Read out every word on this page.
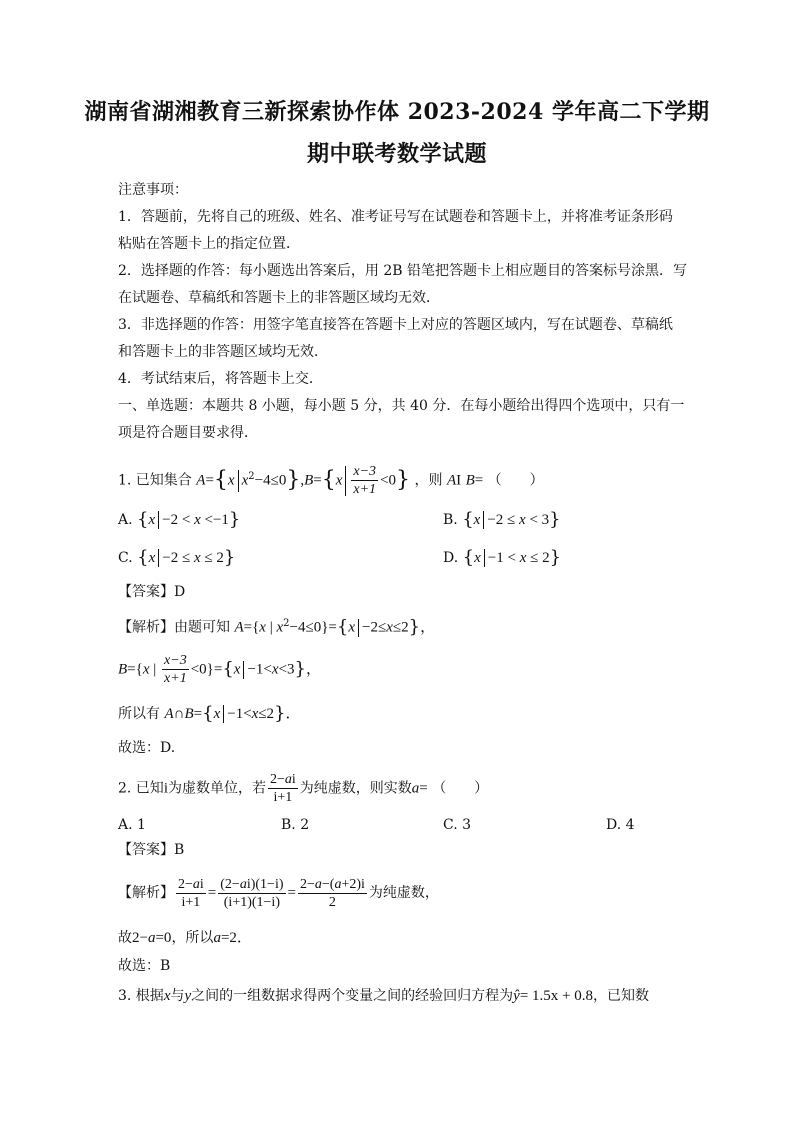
湖南省湖湘教育三新探索协作体 2023-2024 学年高二下学期
期中联考数学试题
注意事项：
1．答题前，先将自己的班级、姓名、准考证号写在试题卷和答题卡上，并将准考证条形码
粘贴在答题卡上的指定位置．
2．选择题的作答：每小题选出答案后，用 2B 铅笔把答题卡上相应题目的答案标号涂黑．写
在试题卷、草稿纸和答题卡上的非答题区域均无效．
3．非选择题的作答：用签字笔直接答在答题卡上对应的答题区域内，写在试题卷、草稿纸
和答题卡上的非答题区域均无效．
4．考试结束后，将答题卡上交．
一、单选题：本题共 8 小题，每小题 5 分，共 40 分．在每小题给出得四个选项中，只有一
项是符合题目要求得．
1. 已知集合 A={x $x^2-4\le 0\},B=\{x \frac{x-3}{x+1} <0\}$ ，则 AI B= （　　）
A. {x −2 < x <−1}	B. {x −2 ≤ x < 3}
C. {x −2 ≤ x ≤ 2}	D. {x −1 < x ≤ 2}
【答案】D
【解析】由题可知 A={x | $x^2-4\le 0\}=\{x -2\le x\le 2\}$，
B={x | $\frac{x-3}{x+1} <0\}=\{x -1<x<3\}$，
所以有 A∩B={x −1<x≤2}．
故选：D.
2. 已知i为虚数单位，若 $\frac{2-ai}{i+1}$ 为纯虚数，则实数a= （　　）
A. 1	B. 2	C. 3	D. 4
【答案】B
【解析】 $\frac{2-ai}{i+1} = \frac{(2-ai)(1-i)}{(i+1)(1-i)} = \frac{2-a-(a+2)i}{2}$ 为纯虚数，
故2−a=0，所以a=2．
故选：B
3. 根据x与y之间的一组数据求得两个变量之间的经验回归方程为ŷ= 1.5x + 0.8，已知数
